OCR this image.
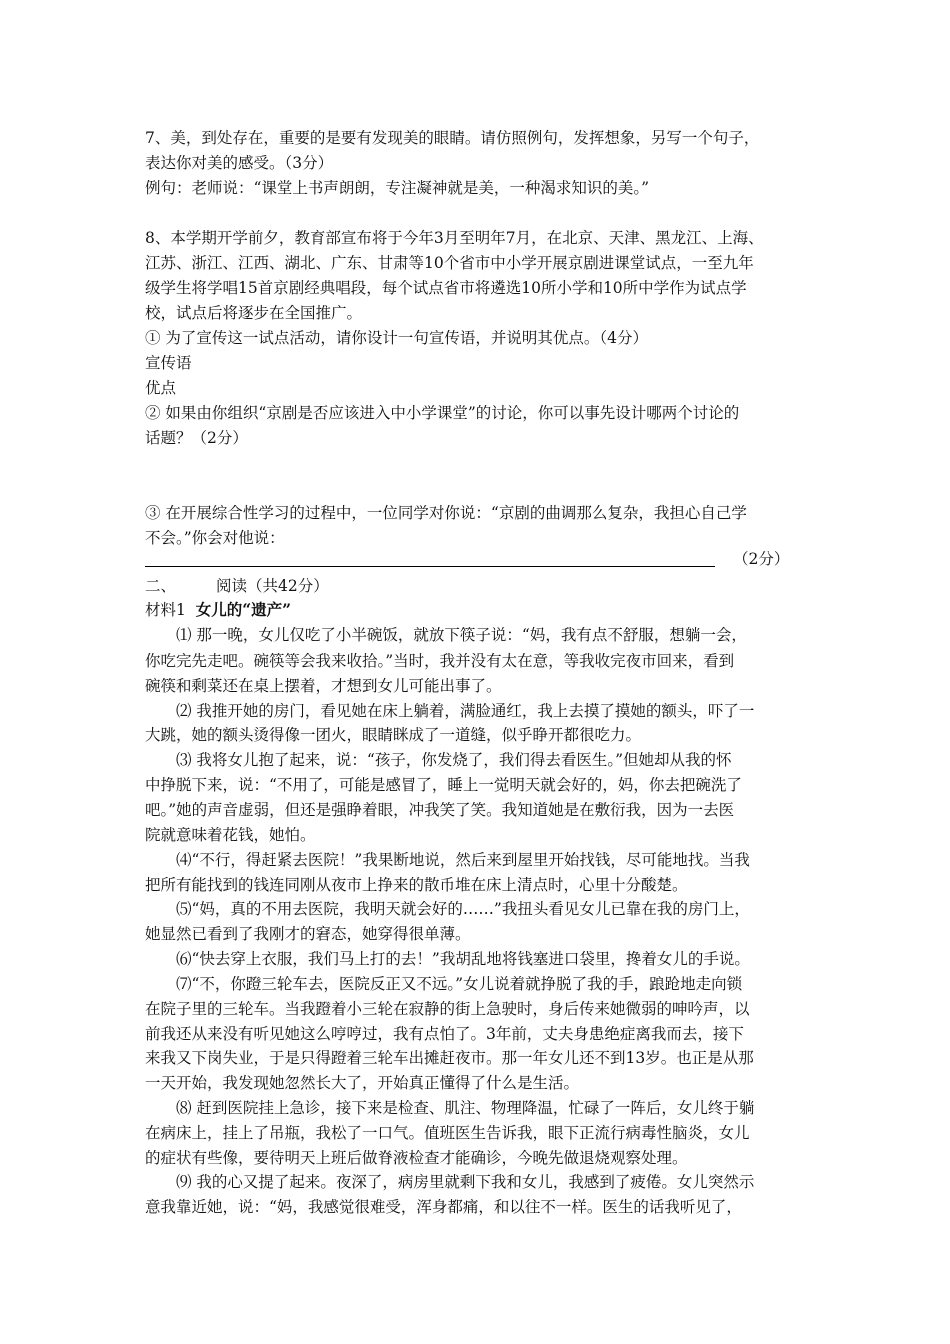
7、美，到处存在，重要的是要有发现美的眼睛。请仿照例句，发挥想象，另写一个句子，
表达你对美的感受。（3分）
例句：老师说：“课堂上书声朗朗，专注凝神就是美，一种渴求知识的美。”
8、本学期开学前夕，教育部宣布将于今年3月至明年7月，在北京、天津、黑龙江、上海、
江苏、浙江、江西、湖北、广东、甘肃等10个省市中小学开展京剧进课堂试点，一至九年
级学生将学唱15首京剧经典唱段，每个试点省市将遴选10所小学和10所中学作为试点学
校，试点后将逐步在全国推广。
① 为了宣传这一试点活动，请你设计一句宣传语，并说明其优点。（4分）
宣传语
优点
② 如果由你组织“京剧是否应该进入中小学课堂”的讨论，你可以事先设计哪两个讨论的
话题？（2分）
③ 在开展综合性学习的过程中，一位同学对你说：“京剧的曲调那么复杂，我担心自己学
不会。”你会对他说：
（2分）
二、	阅读（共42分）
材料1 女儿的“遗产”
⑴ 那一晚，女儿仅吃了小半碗饭，就放下筷子说：“妈，我有点不舒服，想躺一会，
你吃完先走吧。碗筷等会我来收拾。”当时，我并没有太在意，等我收完夜市回来，看到
碗筷和剩菜还在桌上摆着，才想到女儿可能出事了。
⑵ 我推开她的房门，看见她在床上躺着，满脸通红，我上去摸了摸她的额头，吓了一
大跳，她的额头烫得像一团火，眼睛眯成了一道缝，似乎睁开都很吃力。
⑶ 我将女儿抱了起来，说：“孩子，你发烧了，我们得去看医生。”但她却从我的怀
中挣脱下来，说：“不用了，可能是感冒了，睡上一觉明天就会好的，妈，你去把碗洗了
吧。”她的声音虚弱，但还是强睁着眼，冲我笑了笑。我知道她是在敷衍我，因为一去医
院就意味着花钱，她怕。
⑷“不行，得赶紧去医院！”我果断地说，然后来到屋里开始找钱，尽可能地找。当我
把所有能找到的钱连同刚从夜市上挣来的散币堆在床上清点时，心里十分酸楚。
⑸“妈，真的不用去医院，我明天就会好的……”我扭头看见女儿已靠在我的房门上，
她显然已看到了我刚才的窘态，她穿得很单薄。
⑹“快去穿上衣服，我们马上打的去！”我胡乱地将钱塞进口袋里，搀着女儿的手说。
⑺“不，你蹬三轮车去，医院反正又不远。”女儿说着就挣脱了我的手，踉跄地走向锁
在院子里的三轮车。当我蹬着小三轮在寂静的街上急驶时，身后传来她微弱的呻吟声，以
前我还从来没有听见她这么哼哼过，我有点怕了。3年前，丈夫身患绝症离我而去，接下
来我又下岗失业，于是只得蹬着三轮车出摊赶夜市。那一年女儿还不到13岁。也正是从那
一天开始，我发现她忽然长大了，开始真正懂得了什么是生活。
⑻ 赶到医院挂上急诊，接下来是检查、肌注、物理降温，忙碌了一阵后，女儿终于躺
在病床上，挂上了吊瓶，我松了一口气。值班医生告诉我，眼下正流行病毒性脑炎，女儿
的症状有些像，要待明天上班后做脊液检查才能确诊，今晚先做退烧观察处理。
⑼ 我的心又提了起来。夜深了，病房里就剩下我和女儿，我感到了疲倦。女儿突然示
意我靠近她，说：“妈，我感觉很难受，浑身都痛，和以往不一样。医生的话我听见了，
